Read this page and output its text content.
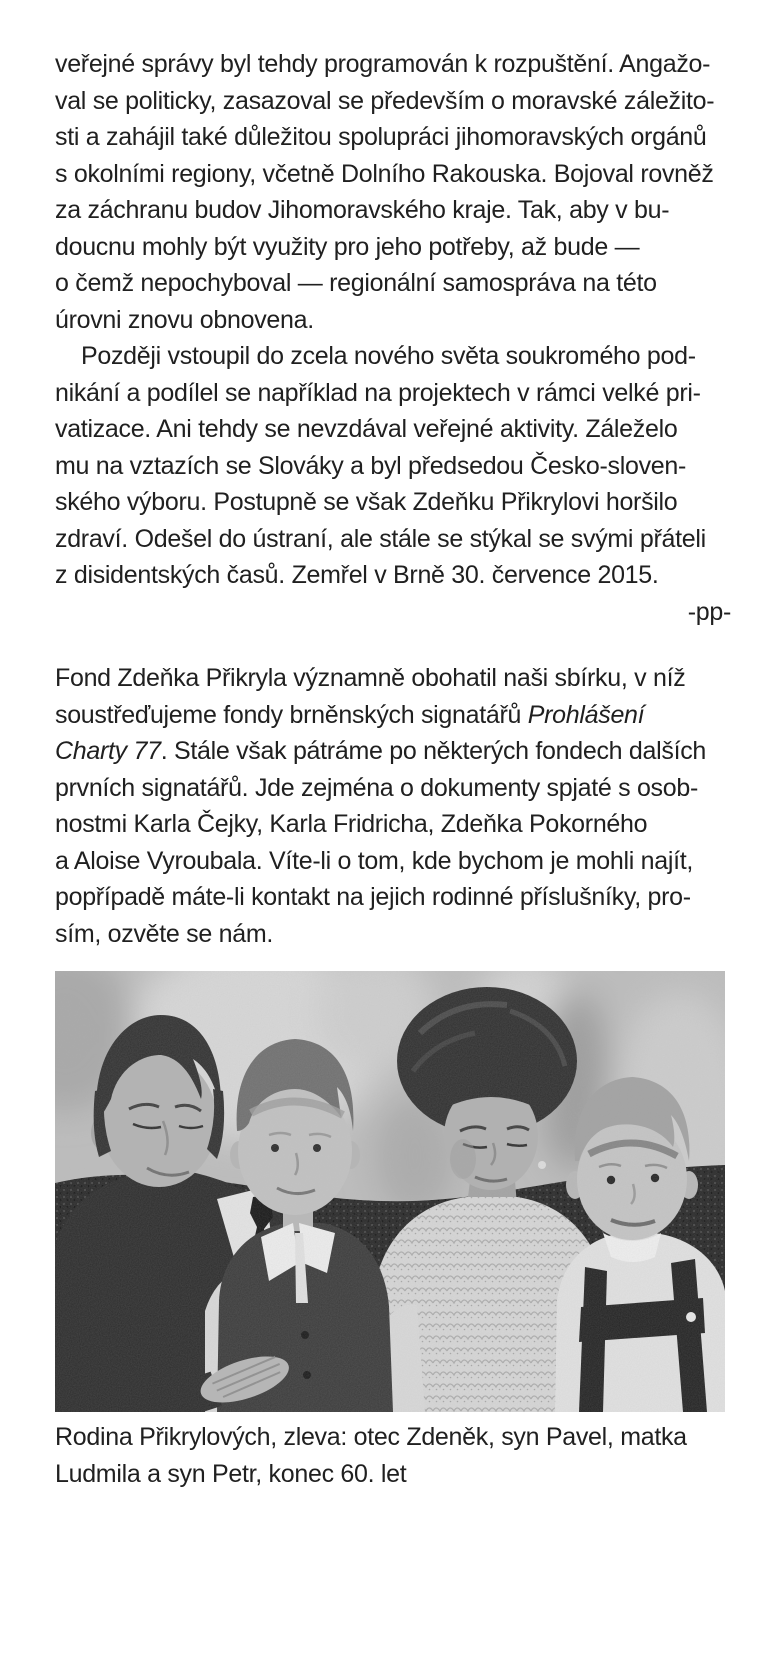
veřejné správy byl tehdy programován k rozpuštění. Angažo-
val se politicky, zasazoval se především o moravské záležito-
sti a zahájil také důležitou spolupráci jihomoravských orgánů
s okolními regiony, včetně Dolního Rakouska. Bojoval rovněž
za záchranu budov Jihomoravského kraje. Tak, aby v bu-
doucnu mohly být využity pro jeho potřeby, až bude —
o čemž nepochyboval — regionální samospráva na této
úrovni znovu obnovena.
Později vstoupil do zcela nového světa soukromého pod-
nikání a podílel se například na projektech v rámci velké pri-
vatizace. Ani tehdy se nevzdával veřejné aktivity. Záleželo
mu na vztazích se Slováky a byl předsedou Česko-sloven-
ského výboru. Postupně se však Zdeňku Přikrylovi horšilo
zdraví. Odešel do ústraní, ale stále se stýkal se svými přáteli
z disidentských časů. Zemřel v Brně 30. července 2015.
-pp-
Fond Zdeňka Přikryla významně obohatil naši sbírku, v níž
soustřeďujeme fondy brněnských signatářů Prohlášení
Charty 77. Stále však pátráme po některých fondech dalších
prvních signatářů. Jde zejména o dokumenty spjaté s osob-
nostmi Karla Čejky, Karla Fridricha, Zdeňka Pokorného
a Aloise Vyroubala. Víte-li o tom, kde bychom je mohli najít,
popřípadě máte-li kontakt na jejich rodinné příslušníky, pro-
sím, ozvěte se nám.
Rodina Přikrylových, zleva: otec Zdeněk, syn Pavel, matka
Ludmila a syn Petr, konec 60. let
